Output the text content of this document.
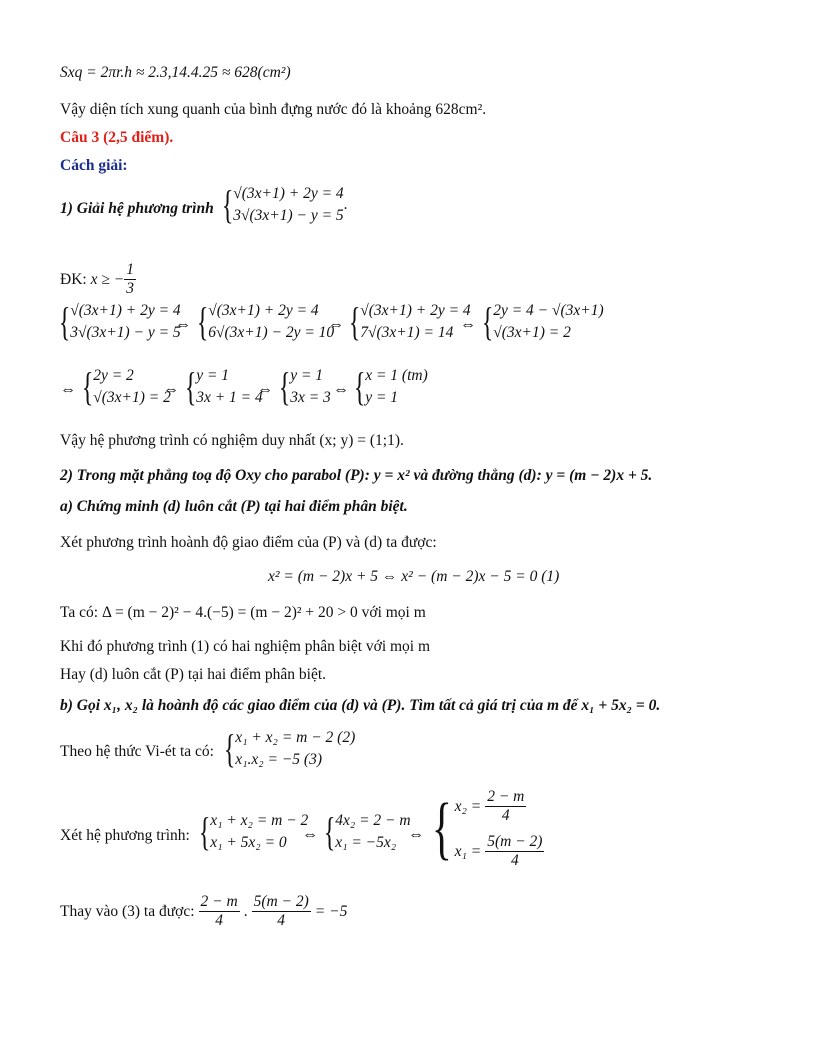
Sxq = 2πr.h ≈ 2.3,14.4.25 ≈ 628(cm²)
Vậy diện tích xung quanh của bình đựng nước đó là khoảng 628cm².
Câu 3 (2,5 điểm).
Cách giải:
1) Giải hệ phương trình { √(3x+1) + 2y = 4
3√(3x+1) − y = 5
.
ĐK:
x ≥ − $\frac{1}{3}$
{ √(3x+1) + 2y = 4
3√(3x+1) − y = 5
⇔ { √(3x+1) + 2y = 4
6√(3x+1) − 2y = 10
⇔ { √(3x+1) + 2y = 4
7√(3x+1) = 14 ⇔ { 2y = 4 − √(3x+1)
√(3x+1) = 2
⇔ { 2y = 2
√(3x+1) = 2
⇔ { y = 1
3x + 1 = 4
⇔ { y = 1
3x = 3 ⇔ { x = 1 (tm)
y = 1
Vậy hệ phương trình có nghiệm duy nhất (x; y) = (1;1).
2) Trong mặt phẳng toạ độ Oxy cho parabol (P): y = x² và đường thẳng (d): y = (m − 2)x + 5.
a) Chứng minh (d) luôn cắt (P) tại hai điểm phân biệt.
Xét phương trình hoành độ giao điểm của (P) và (d) ta được:
x² = (m − 2)x + 5 ⇔ x² − (m − 2)x − 5 = 0 (1)
Ta có: Δ = (m − 2)² − 4.(−5) = (m − 2)² + 20 > 0 với mọi m
Khi đó phương trình (1) có hai nghiệm phân biệt với mọi m
Hay (d) luôn cắt (P) tại hai điểm phân biệt.
b) Gọi x₁, x₂ là hoành độ các giao điểm của (d) và (P). Tìm tất cả giá trị của m để x₁ + 5x₂ = 0.
Theo hệ thức Vi-ét ta có: { x₁ + x₂ = m − 2 (2)
x₁.x₂ = −5 (3)
Xét hệ phương trình: { x₁ + x₂ = m − 2
x₁ + 5x₂ = 0 ⇔ { 4x₂ = 2 − m
x₁ = −5x₂ ⇔ { $x_2 = \frac{2 - m}{4}$
$x_1 = \frac{5(m - 2)}{4}$
Thay vào (3) ta được: $\frac{2 - m}{4}$ . $\frac{5(m - 2)}{4} = -5$
